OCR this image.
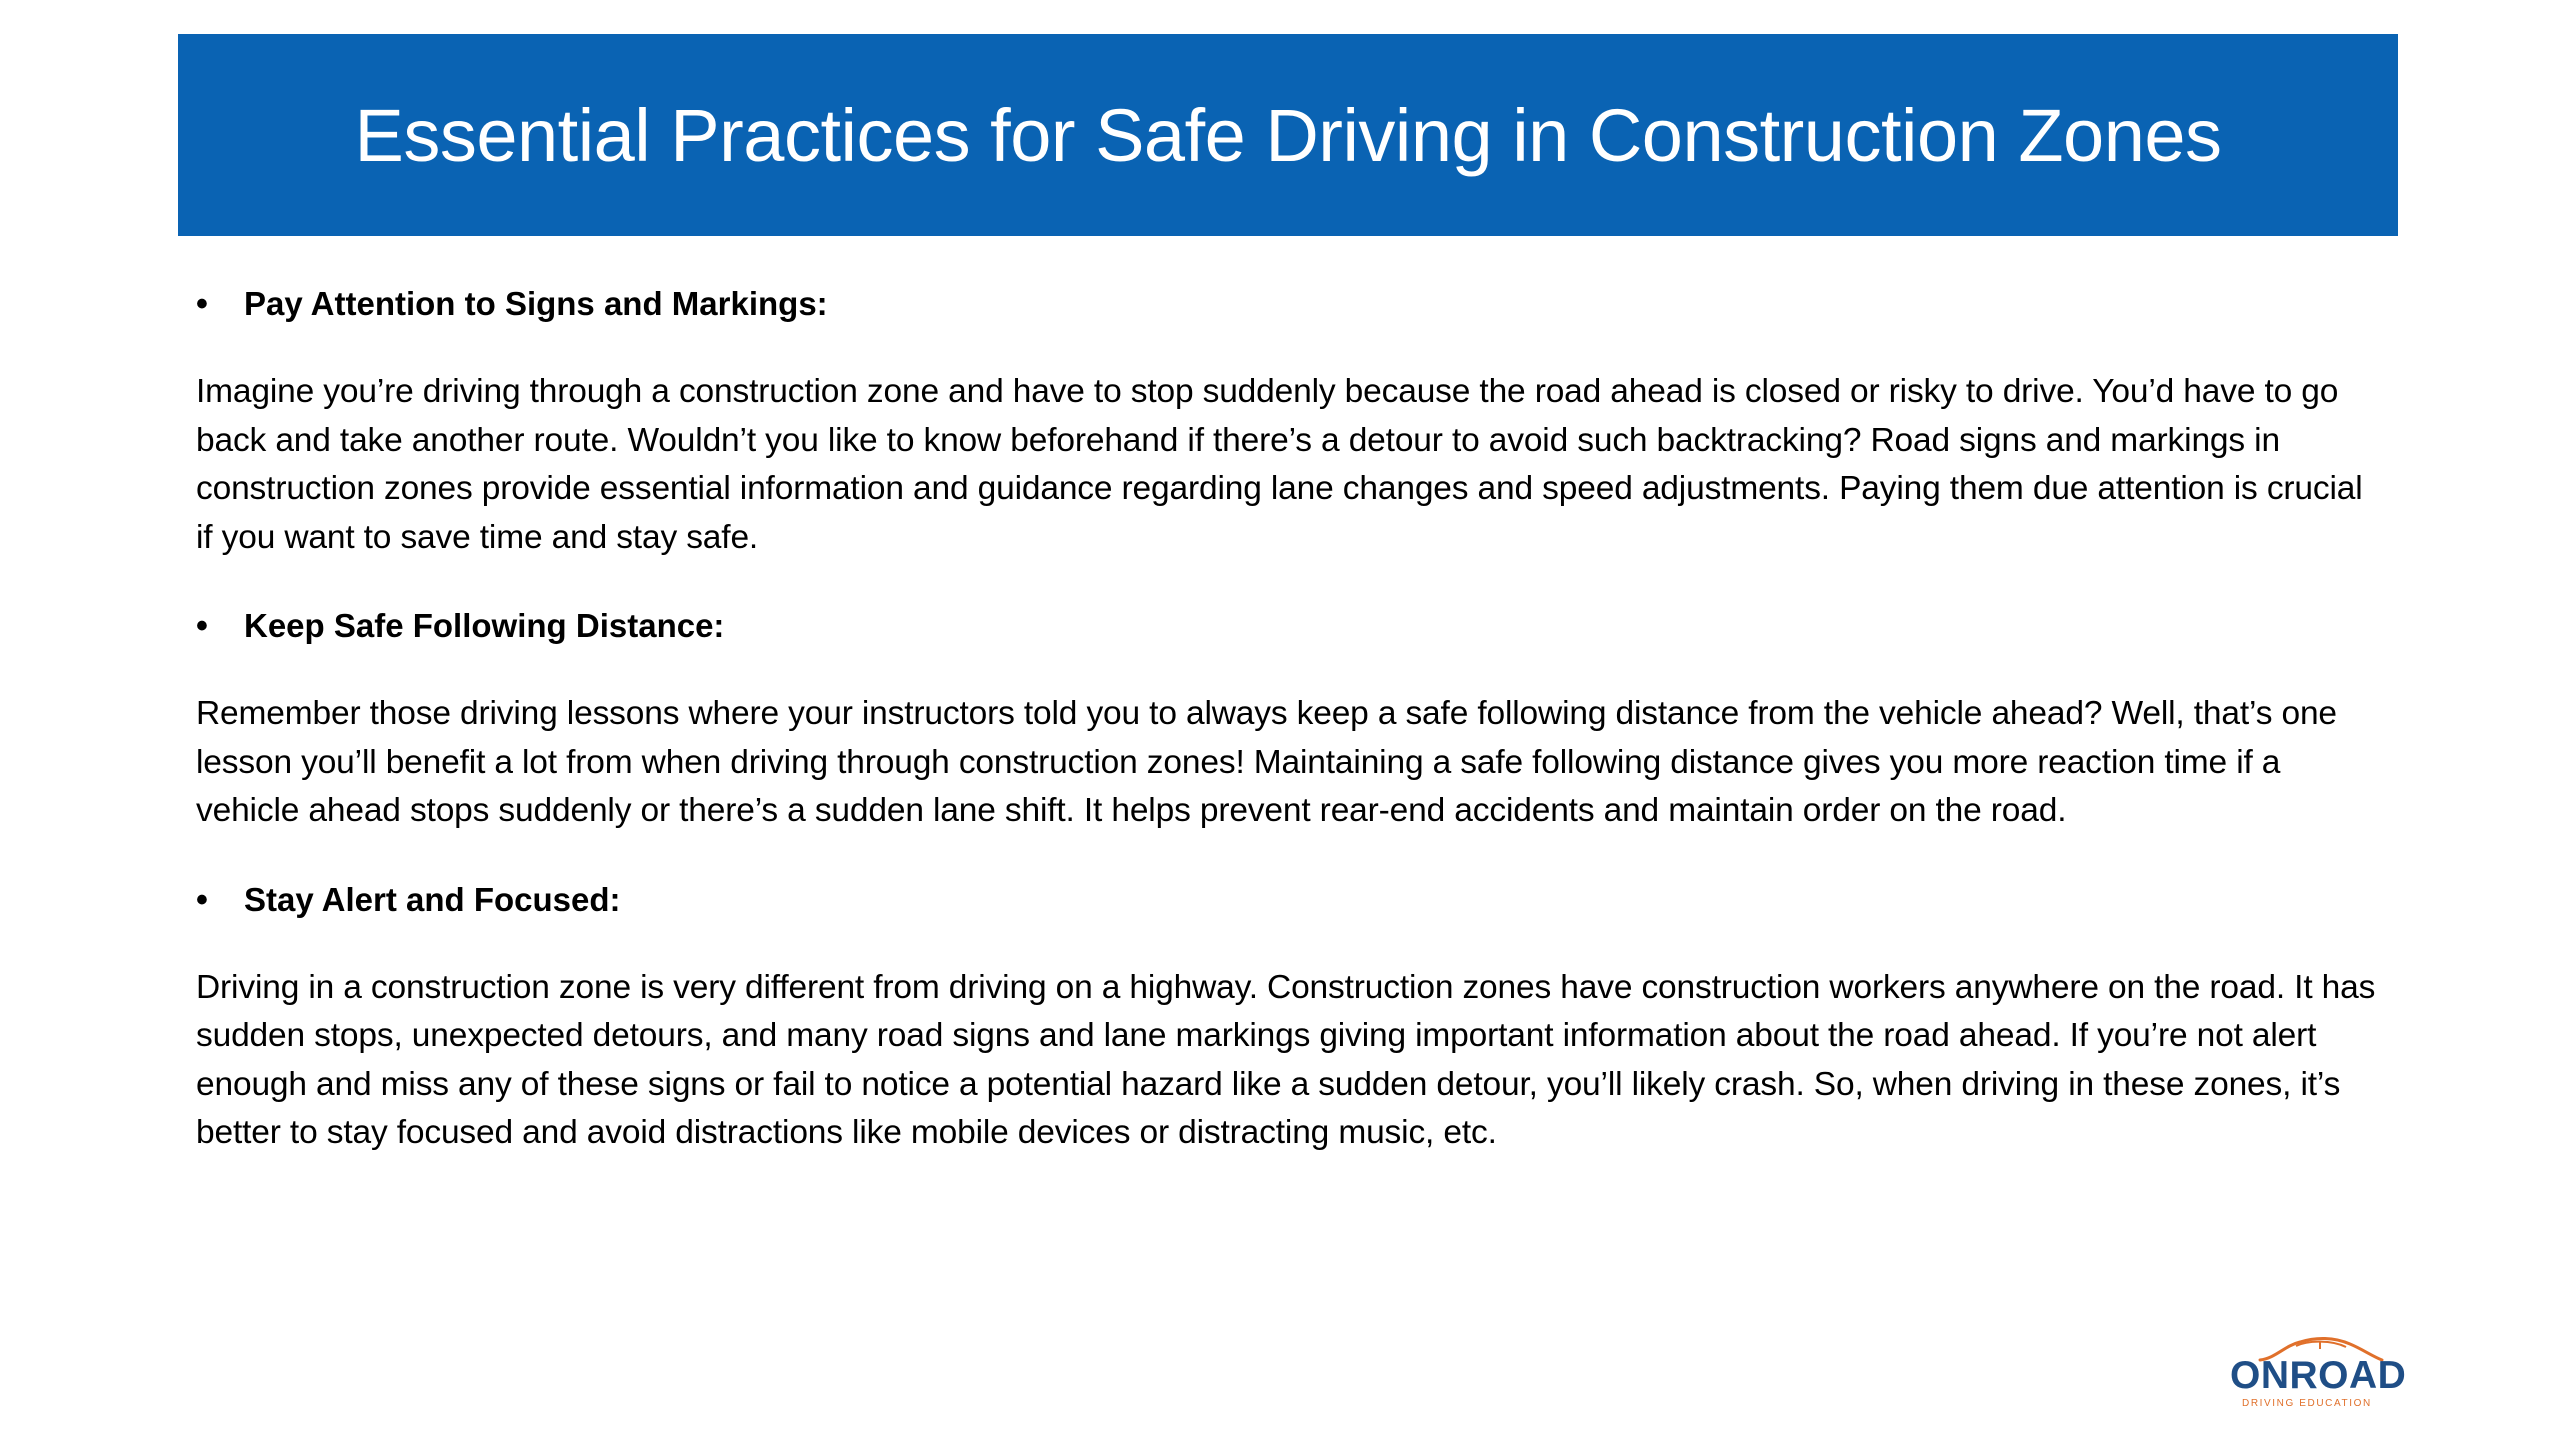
Essential Practices for Safe Driving in Construction Zones
•	Pay Attention to Signs and Markings:

Imagine you’re driving through a construction zone and have to stop suddenly because the road ahead is closed or risky to drive. You’d have to go back and take another route. Wouldn’t you like to know beforehand if there’s a detour to avoid such backtracking? Road signs and markings in construction zones provide essential information and guidance regarding lane changes and speed adjustments. Paying them due attention is crucial if you want to save time and stay safe.

•	Keep Safe Following Distance:

Remember those driving lessons where your instructors told you to always keep a safe following distance from the vehicle ahead? Well, that’s one lesson you’ll benefit a lot from when driving through construction zones! Maintaining a safe following distance gives you more reaction time if a vehicle ahead stops suddenly or there’s a sudden lane shift. It helps prevent rear-end accidents and maintain order on the road.

•	Stay Alert and Focused:

Driving in a construction zone is very different from driving on a highway. Construction zones have construction workers anywhere on the road. It has sudden stops, unexpected detours, and many road signs and lane markings giving important information about the road ahead. If you’re not alert enough and miss any of these signs or fail to notice a potential hazard like a sudden detour, you’ll likely crash. So, when driving in these zones, it’s better to stay focused and avoid distractions like mobile devices or distracting music, etc.

ONROAD
DRIVING EDUCATION
